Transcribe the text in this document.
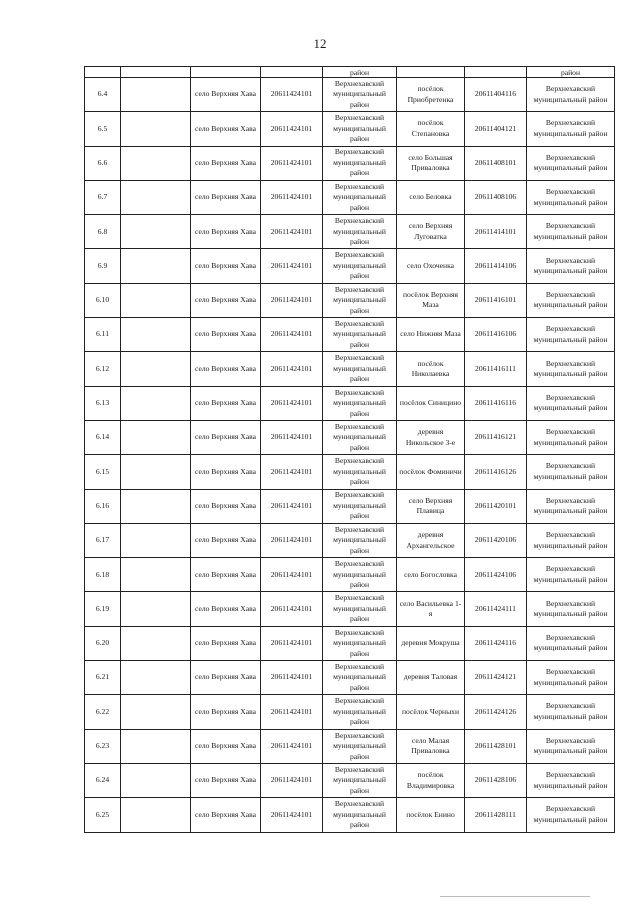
12
				район			район
6.4		село Верхняя Хава	20611424101	Верхнехавский муниципальный район	посёлок Приобретенка	20611404116	Верхнехавский муниципальный район
6.5		село Верхняя Хава	20611424101	Верхнехавский муниципальный район	посёлок Степановка	20611404121	Верхнехавский муниципальный район
6.6		село Верхняя Хава	20611424101	Верхнехавский муниципальный район	село Большая Приваловка	20611408101	Верхнехавский муниципальный район
6.7		село Верхняя Хава	20611424101	Верхнехавский муниципальный район	село Беловка	20611408106	Верхнехавский муниципальный район
6.8		село Верхняя Хава	20611424101	Верхнехавский муниципальный район	село Верхняя Луговатка	20611414101	Верхнехавский муниципальный район
6.9		село Верхняя Хава	20611424101	Верхнехавский муниципальный район	село Охоченка	20611414106	Верхнехавский муниципальный район
6.10		село Верхняя Хава	20611424101	Верхнехавский муниципальный район	посёлок Верхняя Маза	20611416101	Верхнехавский муниципальный район
6.11		село Верхняя Хава	20611424101	Верхнехавский муниципальный район	село Нижняя Маза	20611416106	Верхнехавский муниципальный район
6.12		село Верхняя Хава	20611424101	Верхнехавский муниципальный район	посёлок Николаевка	20611416111	Верхнехавский муниципальный район
6.13		село Верхняя Хава	20611424101	Верхнехавский муниципальный район	посёлок Синицино	20611416116	Верхнехавский муниципальный район
6.14		село Верхняя Хава	20611424101	Верхнехавский муниципальный район	деревня Никольское 3-е	20611416121	Верхнехавский муниципальный район
6.15		село Верхняя Хава	20611424101	Верхнехавский муниципальный район	посёлок Фоминичи	20611416126	Верхнехавский муниципальный район
6.16		село Верхняя Хава	20611424101	Верхнехавский муниципальный район	село Верхняя Плавица	20611420101	Верхнехавский муниципальный район
6.17		село Верхняя Хава	20611424101	Верхнехавский муниципальный район	деревня Архангельское	20611420106	Верхнехавский муниципальный район
6.18		село Верхняя Хава	20611424101	Верхнехавский муниципальный район	село Богословка	20611424106	Верхнехавский муниципальный район
6.19		село Верхняя Хава	20611424101	Верхнехавский муниципальный район	село Васильевка 1-я	20611424111	Верхнехавский муниципальный район
6.20		село Верхняя Хава	20611424101	Верхнехавский муниципальный район	деревня Мокруша	20611424116	Верхнехавский муниципальный район
6.21		село Верхняя Хава	20611424101	Верхнехавский муниципальный район	деревня Таловая	20611424121	Верхнехавский муниципальный район
6.22		село Верхняя Хава	20611424101	Верхнехавский муниципальный район	посёлок Черныхи	20611424126	Верхнехавский муниципальный район
6.23		село Верхняя Хава	20611424101	Верхнехавский муниципальный район	село Малая Приваловка	20611428101	Верхнехавский муниципальный район
6.24		село Верхняя Хава	20611424101	Верхнехавский муниципальный район	посёлок Владимировка	20611428106	Верхнехавский муниципальный район
6.25		село Верхняя Хава	20611424101	Верхнехавский муниципальный район	посёлок Енино	20611428111	Верхнехавский муниципальный район
